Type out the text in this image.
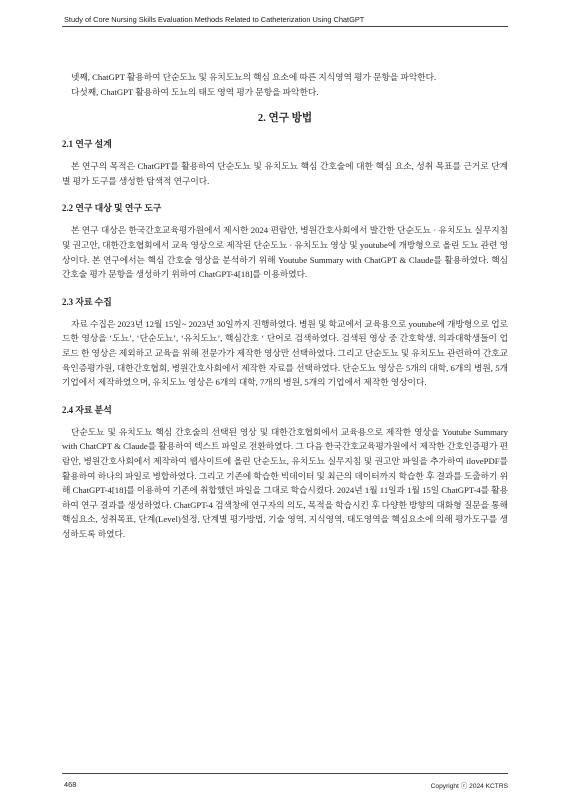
Study of Core Nursing Skills Evaluation Methods Related to Catheterization Using ChatGPT

넷째, ChatGPT 활용하여 단순도뇨 및 유치도뇨의 핵심 요소에 따른 지식영역 평가 문항을 파악한다.

다섯째, ChatGPT 활용하여 도뇨의 태도 영역 평가 문항을 파악한다.

2. 연구 방법
2.1 연구 설계

본 연구의 목적은 ChatGPT를 활용하여 단순도뇨 및 유치도뇨 핵심 간호술에 대한 핵심 요소, 성취 목표를 근거로 단계별 평가 도구를 생성한 탐색적 연구이다.

2.2 연구 대상 및 연구 도구

본 연구 대상은 한국간호교육평가원에서 제시한 2024 편람안, 병원간호사회에서 발간한 단순도뇨 · 유치도뇨 실무지침 및 권고안, 대한간호협회에서 교육 영상으로 제작된 단순도뇨 · 유치도뇨 영상 및 youtube에 개방형으로 올린 도뇨 관련 영상이다. 본 연구에서는 핵심 간호술 영상을 분석하기 위해 Youtube Summary with ChatGPT & Claude를 활용하였다. 핵심 간호술 평가 문항을 생성하기 위하여 ChatGPT-4[18]를 이용하였다.

2.3 자료 수집

자료 수집은 2023년 12월 15일~ 2023년 30일까지 진행하였다. 병원 및 학교에서 교육용으로 youtube에 개방형으로 업로드한 영상을 ‘도뇨’, ‘단순도뇨’, ‘유치도뇨’, 핵심간호 ‘ 단어로 검색하였다. 검색된 영상 중 간호학생, 의과대학생들이 업로드 한 영상은 제외하고 교육을 위해 전문가가 제작한 영상만 선택하였다. 그리고 단순도뇨 및 유치도뇨 관련하여 간호교육인증평가원, 대한간호협회, 병원간호사회에서 제작한 자료를 선택하였다. 단순도뇨 영상은 5개의 대학, 6개의 병원, 5개 기업에서 제작하였으며, 유치도뇨 영상은 6개의 대학, 7개의 병원, 5개의 기업에서 제작한 영상이다.

2.4 자료 분석

단순도뇨 및 유치도뇨 핵심 간호술의 선택된 영상 및 대한간호협회에서 교육용으로 제작한 영상을 Youtube Summary with ChatCPT & Claude를 활용하여 텍스트 파일로 전환하였다. 그 다음 한국간호교육평가원에서 제작한 간호인증평가 편람안, 병원간호사회에서 제작하여 웹사이트에 올린 단순도뇨, 유치도뇨 실무지침 및 권고안 파일을 추가하여 ilovePDF를 활용하여 하나의 파일로 병합하였다. 그리고 기존에 학습한 빅데이터 및 최근의 데이터까지 학습한 후 결과를 도출하기 위해 ChatGPT-4[18]를 이용하여 기존에 취합했던 파일을 그대로 학습시켰다. 2024년 1월 11일과 1월 15일 ChatGPT-4를 활용하여 연구 결과를 생성하였다. ChatGPT-4 검색창에 연구자의 의도, 목적을 학습시킨 후 다양한 방향의 대화형 질문을 통해 핵심요소, 성취목표, 단계(Level)설정, 단계별 평가방법, 기술 영역, 지식영역, 태도영역을 핵심요소에 의해 평가도구를 생성하도록 하였다.

468	Copyright ⓒ 2024 KCTRS
